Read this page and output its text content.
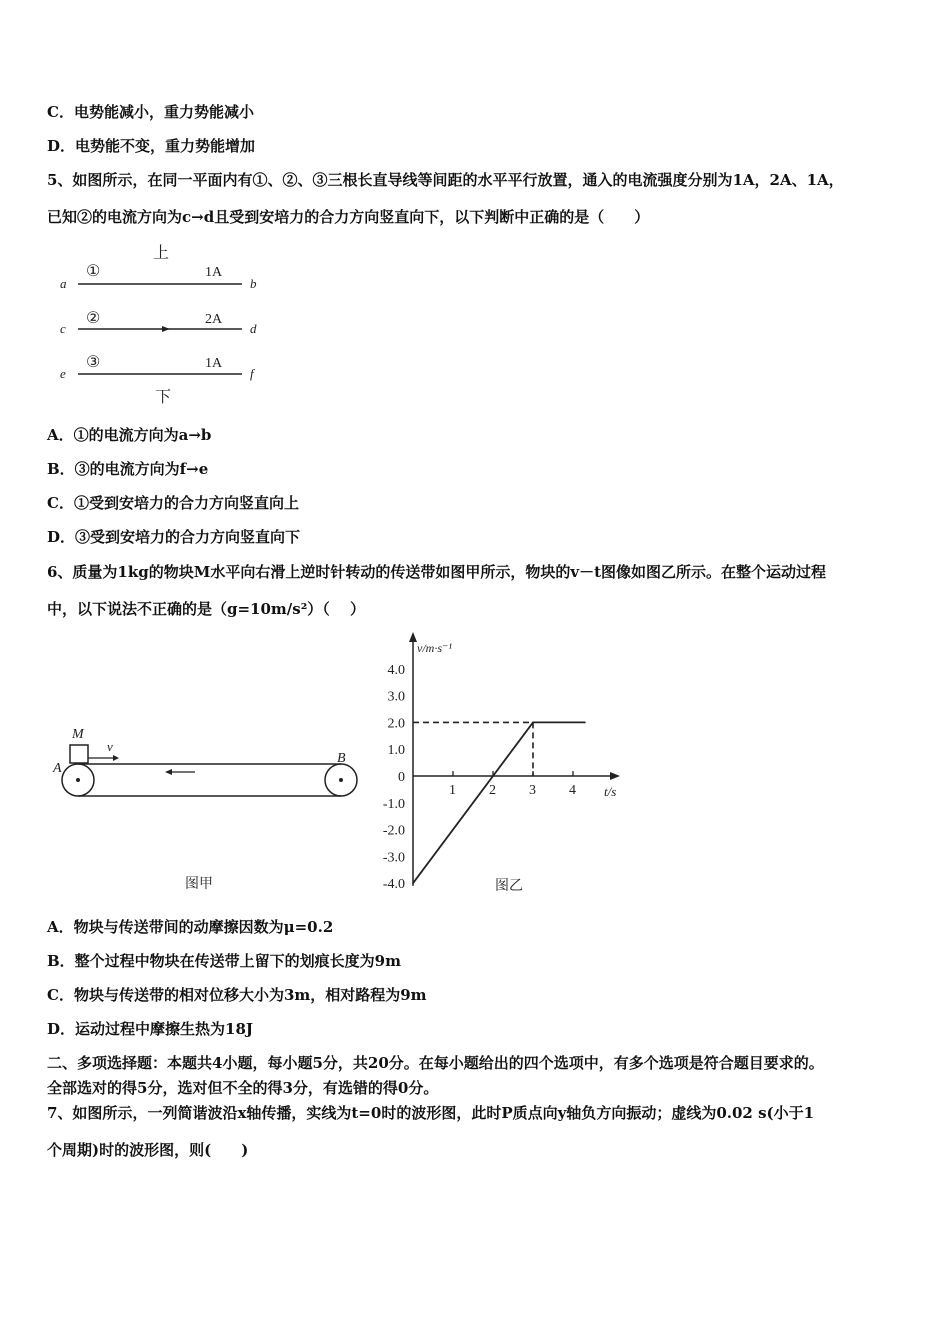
C．电势能减小，重力势能减小
D．电势能不变，重力势能增加
5、如图所示，在同一平面内有①、②、③三根长直导线等间距的水平平行放置，通入的电流强度分别为1A，2A、1A，
已知②的电流方向为c→d且受到安培力的合力方向竖直向下，以下判断中正确的是（　　）
上
下
a
①	1A
b
c
②	2A
d
e
③	1A
f
A．①的电流方向为a→b
B．③的电流方向为f→e
C．①受到安培力的合力方向竖直向上
D．③受到安培力的合力方向竖直向下
6、质量为1kg的物块M水平向右滑上逆时针转动的传送带如图甲所示，物块的v－t图像如图乙所示。在整个运动过程
中，以下说法不正确的是（g=10m/s²）（　 ）
M
v
A
B
图甲
v/m·s⁻¹
t/s
4.0
3.0
2.0
1.0
0
-1.0
-2.0
-3.0
-4.0
1 2 3 4
图乙
A．物块与传送带间的动摩擦因数为μ=0.2
B．整个过程中物块在传送带上留下的划痕长度为9m
C．物块与传送带的相对位移大小为3m，相对路程为9m
D．运动过程中摩擦生热为18J
二、多项选择题：本题共4小题，每小题5分，共20分。在每小题给出的四个选项中，有多个选项是符合题目要求的。
全部选对的得5分，选对但不全的得3分，有选错的得0分。
7、如图所示，一列简谐波沿x轴传播，实线为t=0时的波形图，此时P质点向y轴负方向振动；虚线为0.02 s(小于1
个周期)时的波形图，则(　　)
